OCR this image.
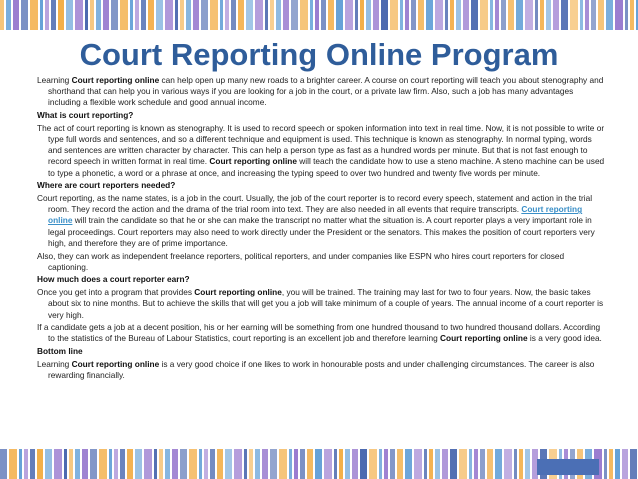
Court Reporting Online Program

Learning Court reporting online can help open up many new roads to a brighter career. A course on court reporting will teach you about stenography and shorthand that can help you in various ways if you are looking for a job in the court, or a private law firm. Also, such a job has many advantages including a flexible work schedule and good annual income.

What is court reporting?

The act of court reporting is known as stenography. It is used to record speech or spoken information into text in real time. Now, it is not possible to write or type full words and sentences, and so a different technique and equipment is used. This technique is known as stenography. In normal typing, words and sentences are written character by character. This can help a person type as fast as a hundred words per minute. But that is not fast enough to record speech in written format in real time. Court reporting online will teach the candidate how to use a steno machine. A steno machine can be used to type a phonetic, a word or a phrase at once, and increasing the typing speed to over two hundred and twenty five words per minute.

Where are court reporters needed?

Court reporting, as the name states, is a job in the court. Usually, the job of the court reporter is to record every speech, statement and action in the trial room. They record the action and the drama of the trial room into text. They are also needed in all events that require transcripts. Court reporting online will train the candidate so that he or she can make the transcript no matter what the situation is. A court reporter plays a very important role in legal proceedings. Court reporters may also need to work directly under the President or the senators. This makes the position of court reporters very high, and therefore they are of prime importance.

Also, they can work as independent freelance reporters, political reporters, and under companies like ESPN who hires court reporters for closed captioning.

How much does a court reporter earn?

Once you get into a program that provides Court reporting online, you will be trained. The training may last for two to four years. Now, the basic takes about six to nine months. But to achieve the skills that will get you a job will take minimum of a couple of years. The annual income of a court reporter is very high.

If a candidate gets a job at a decent position, his or her earning will be something from one hundred thousand to two hundred thousand dollars. According to the statistics of the Bureau of Labour Statistics, court reporting is an excellent job and therefore learning Court reporting online is a very good idea.

Bottom line

Learning Court reporting online is a very good choice if one likes to work in honourable posts and under challenging circumstances. The career is also rewarding financially.
